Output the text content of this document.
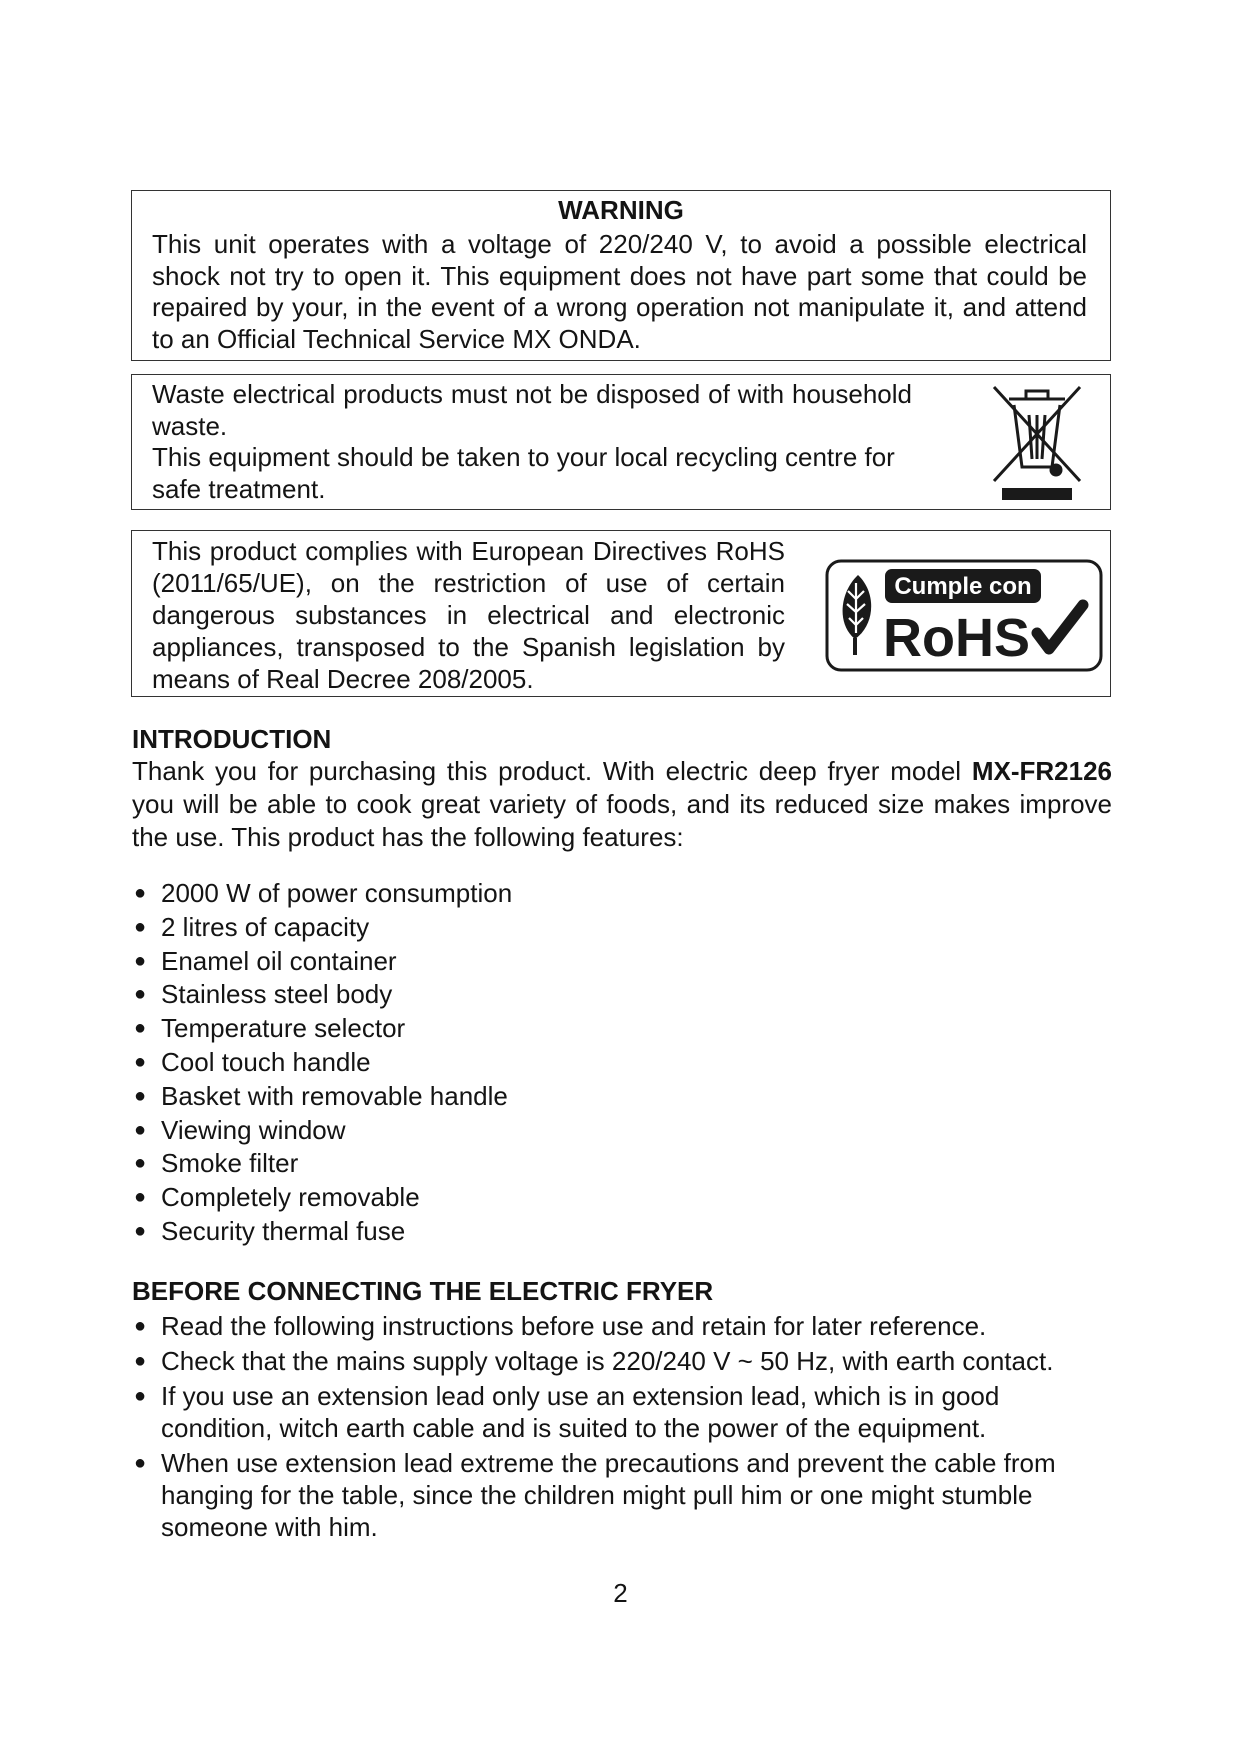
WARNING
This unit operates with a voltage of 220/240 V, to avoid a possible electrical shock not try to open it. This equipment does not have part some that could be repaired by your, in the event of a wrong operation not manipulate it, and attend to an Official Technical Service MX ONDA.

Waste electrical products must not be disposed of with household waste.

This equipment should be taken to your local recycling centre for safe treatment.

This product complies with European Directives RoHS (2011/65/UE), on the restriction of use of certain dangerous substances in electrical and electronic appliances, transposed to the Spanish legislation by means of Real Decree 208/2005.
Cumple con
RoHS
INTRODUCTION

Thank you for purchasing this product. With electric deep fryer model MX-FR2126 you will be able to cook great variety of foods, and its reduced size makes improve the use. This product has the following features:

● 2000 W of power consumption
● 2 litres of capacity
● Enamel oil container
● Stainless steel body
● Temperature selector
● Cool touch handle
● Basket with removable handle
● Viewing window
● Smoke filter
● Completely removable
● Security thermal fuse
BEFORE CONNECTING THE ELECTRIC FRYER
● Read the following instructions before use and retain for later reference.
● Check that the mains supply voltage is 220/240 V ~ 50 Hz, with earth contact.
● If you use an extension lead only use an extension lead, which is in good condition, witch earth cable and is suited to the power of the equipment.
● When use extension lead extreme the precautions and prevent the cable from hanging for the table, since the children might pull him or one might stumble someone with him.
2
